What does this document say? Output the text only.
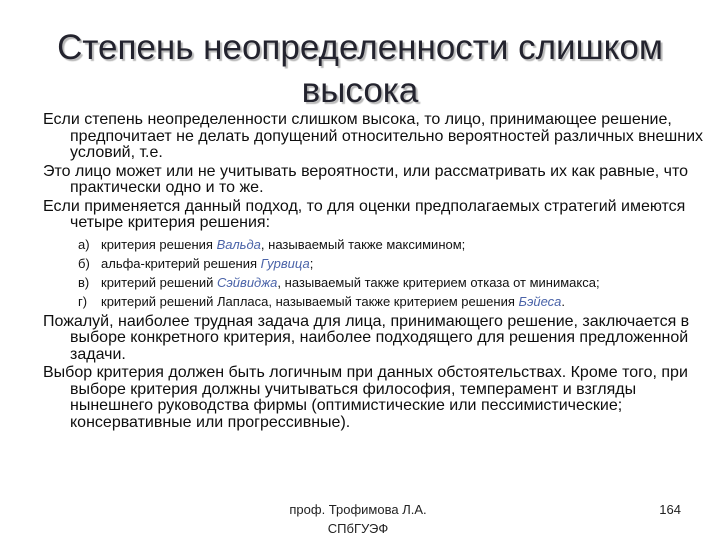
Степень неопределенности слишком
высока

Если степень неопределенности слишком высока, то лицо, принимающее решение, предпочитает не делать допущений относительно вероятностей различных внешних условий, т.е.

Это лицо может или не учитывать вероятности, или рассматривать их как равные, что практически одно и то же.

Если применяется данный подход, то для оценки предполагаемых стратегий имеются четыре критерия решения:

а) критерия решения Вальда, называемый также максимином;
б) альфа-критерий решения Гурвица;
в) критерий решений Сэйвиджа, называемый также критерием отказа от минимакса;
г) критерий решений Лапласа, называемый также критерием решения Бэйеса.

Пожалуй, наиболее трудная задача для лица, принимающего решение, заключается в выборе конкретного критерия, наиболее подходящего для решения предложенной задачи.

Выбор критерия должен быть логичным при данных обстоятельствах. Кроме того, при выборе критерия должны учитываться философия, темперамент и взгляды нынешнего руководства фирмы (оптимистические или пессимистические; консервативные или прогрессивные).

проф. Трофимова Л.А.
СПбГУЭФ
164
